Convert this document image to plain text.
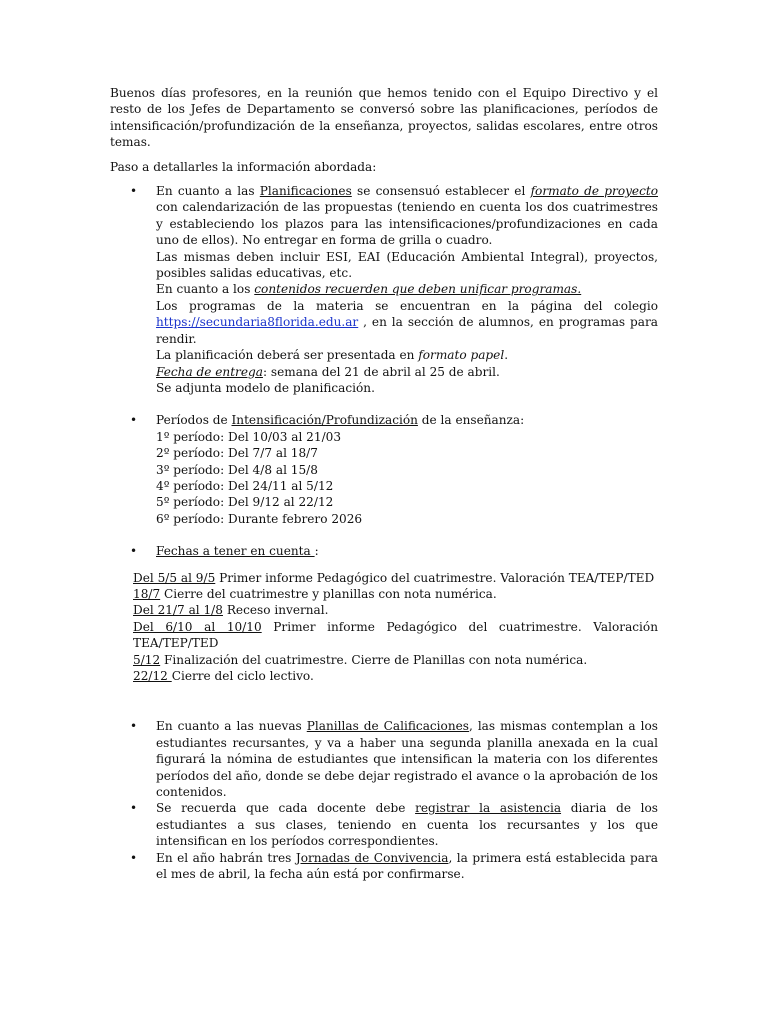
Buenos días profesores, en la reunión que hemos tenido con el Equipo Directivo y el resto de los Jefes de Departamento se conversó sobre las planificaciones, períodos de intensificación/profundización de la enseñanza, proyectos, salidas escolares, entre otros temas.

Paso a detallarles la información abordada:

• En cuanto a las Planificaciones se consensuó establecer el formato de proyecto con calendarización de las propuestas (teniendo en cuenta los dos cuatrimestres y estableciendo los plazos para las intensificaciones/profundizaciones en cada uno de ellos). No entregar en forma de grilla o cuadro.

Las mismas deben incluir ESI, EAI (Educación Ambiental Integral), proyectos, posibles salidas educativas, etc.

En cuanto a los contenidos recuerden que deben unificar programas.

Los programas de la materia se encuentran en la página del colegio https://secundaria8florida.edu.ar , en la sección de alumnos, en programas para rendir.

La planificación deberá ser presentada en formato papel.

Fecha de entrega: semana del 21 de abril al 25 de abril.

Se adjunta modelo de planificación.

• Períodos de Intensificación/Profundización de la enseñanza:

1º período: Del 10/03 al 21/03

2º período: Del 7/7 al 18/7

3º período: Del 4/8 al 15/8

4º período: Del 24/11 al 5/12

5º período: Del 9/12 al 22/12

6º período: Durante febrero 2026

• Fechas a tener en cuenta :

Del 5/5 al 9/5 Primer informe Pedagógico del cuatrimestre. Valoración TEA/TEP/TED
18/7 Cierre del cuatrimestre y planillas con nota numérica.
Del 21/7 al 1/8 Receso invernal.
Del 6/10 al 10/10 Primer informe Pedagógico del cuatrimestre. Valoración TEA/TEP/TED
5/12 Finalización del cuatrimestre. Cierre de Planillas con nota numérica.
22/12 Cierre del ciclo lectivo.
• En cuanto a las nuevas Planillas de Calificaciones, las mismas contemplan a los estudiantes recursantes, y va a haber una segunda planilla anexada en la cual figurará la nómina de estudiantes que intensifican la materia con los diferentes períodos del año, donde se debe dejar registrado el avance o la aprobación de los contenidos.

• Se recuerda que cada docente debe registrar la asistencia diaria de los estudiantes a sus clases, teniendo en cuenta los recursantes y los que intensifican en los períodos correspondientes.

• En el año habrán tres Jornadas de Convivencia, la primera está establecida para el mes de abril, la fecha aún está por confirmarse.
